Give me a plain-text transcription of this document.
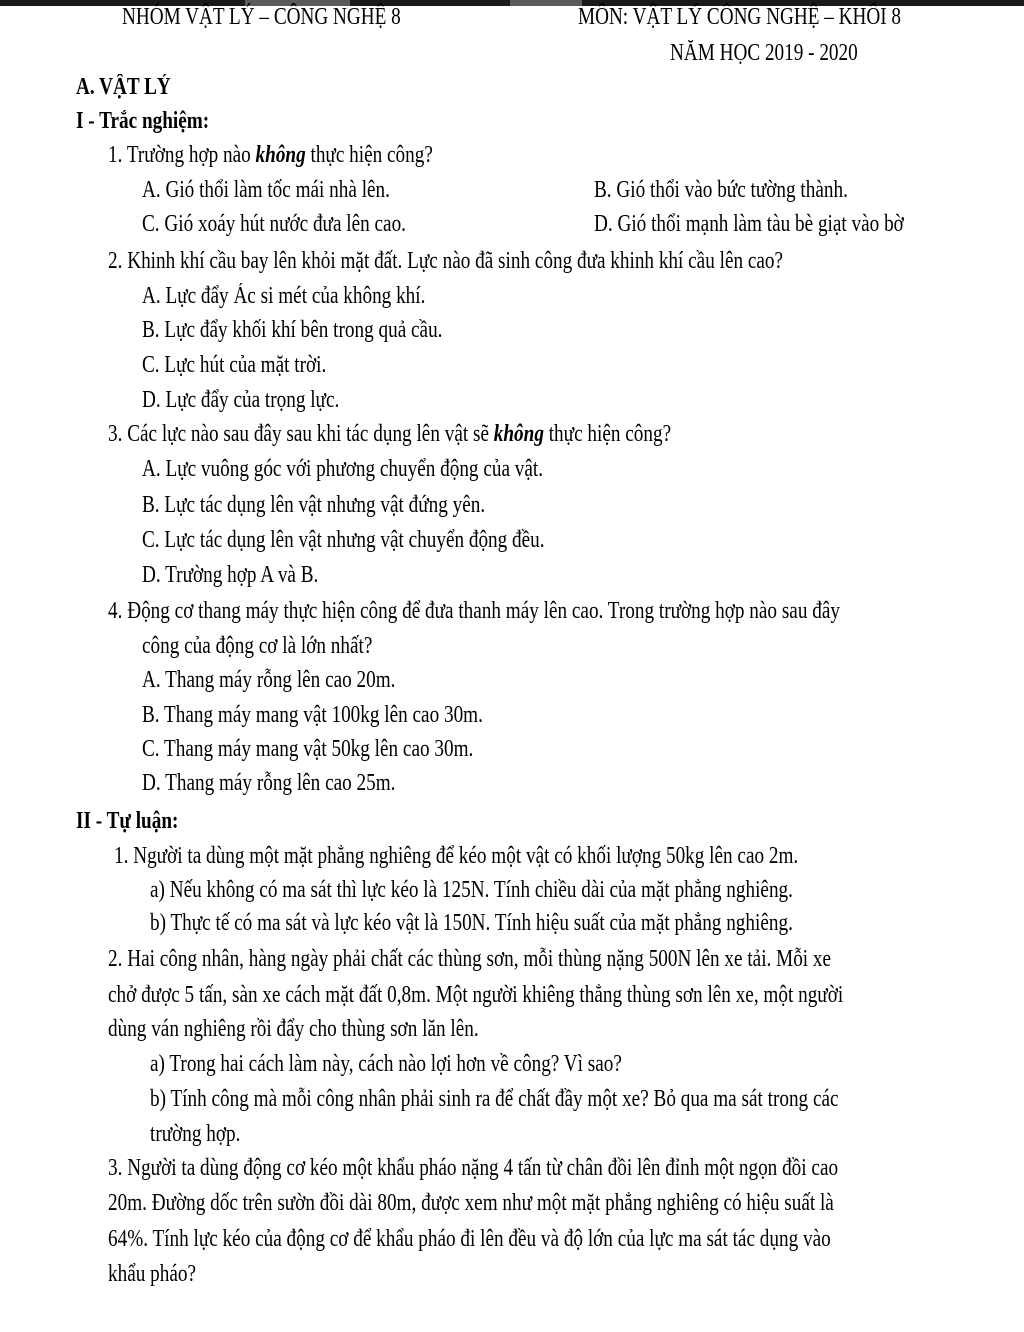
NHÓM VẬT LÝ – CÔNG NGHỆ 8	MÔN: VẬT LÝ CÔNG NGHỆ – KHỐI 8
NĂM HỌC 2019 - 2020
A. VẬT LÝ
I - Trắc nghiệm:
1. Trường hợp nào không thực hiện công?
A. Gió thổi làm tốc mái nhà lên.	B. Gió thổi vào bức tường thành.
C. Gió xoáy hút nước đưa lên cao.	D. Gió thổi mạnh làm tàu bè giạt vào bờ
2. Khinh khí cầu bay lên khỏi mặt đất. Lực nào đã sinh công đưa khinh khí cầu lên cao?
A. Lực đẩy Ác si mét của không khí.
B. Lực đẩy khối khí bên trong quả cầu.
C. Lực hút của mặt trời.
D. Lực đẩy của trọng lực.
3. Các lực nào sau đây sau khi tác dụng lên vật sẽ không thực hiện công?
A. Lực vuông góc với phương chuyển động của vật.
B. Lực tác dụng lên vật nhưng vật đứng yên.
C. Lực tác dụng lên vật nhưng vật chuyển động đều.
D. Trường hợp A và B.
4. Động cơ thang máy thực hiện công để đưa thanh máy lên cao. Trong trường hợp nào sau đây
công của động cơ là lớn nhất?
A. Thang máy rỗng lên cao 20m.
B. Thang máy mang vật 100kg lên cao 30m.
C. Thang máy mang vật 50kg lên cao 30m.
D. Thang máy rỗng lên cao 25m.
II - Tự luận:
1. Người ta dùng một mặt phẳng nghiêng để kéo một vật có khối lượng 50kg lên cao 2m.
a) Nếu không có ma sát thì lực kéo là 125N. Tính chiều dài của mặt phẳng nghiêng.
b) Thực tế có ma sát và lực kéo vật là 150N. Tính hiệu suất của mặt phẳng nghiêng.
2. Hai công nhân, hàng ngày phải chất các thùng sơn, mỗi thùng nặng 500N lên xe tải. Mỗi xe
chở được 5 tấn, sàn xe cách mặt đất 0,8m. Một người khiêng thẳng thùng sơn lên xe, một người
dùng ván nghiêng rồi đẩy cho thùng sơn lăn lên.
a) Trong hai cách làm này, cách nào lợi hơn về công? Vì sao?
b) Tính công mà mỗi công nhân phải sinh ra để chất đầy một xe? Bỏ qua ma sát trong các
trường hợp.
3. Người ta dùng động cơ kéo một khẩu pháo nặng 4 tấn từ chân đồi lên đỉnh một ngọn đồi cao
20m. Đường dốc trên sườn đồi dài 80m, được xem như một mặt phẳng nghiêng có hiệu suất là
64%. Tính lực kéo của động cơ để khẩu pháo đi lên đều và độ lớn của lực ma sát tác dụng vào
khẩu pháo?
